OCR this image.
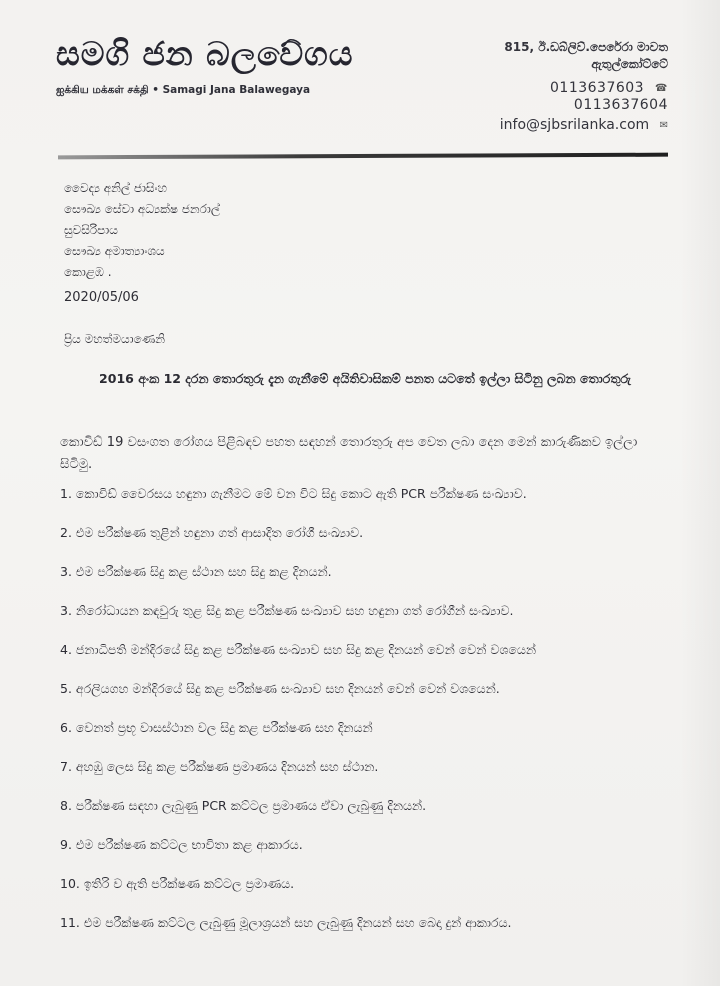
සමගි ජන බලවේගය
ஐக்கிய மக்கள் சக்தி • Samagi Jana Balawegaya
815, ඊ.ඩබ්ලිව්.පෙරේරා මාවත
ඇතුල්කෝට්ටේ
0113637603 ☎
0113637604
info@sjbsrilanka.com ✉
වෛද්‍ය අනිල් ජාසිංහ
සෞඛ්‍ය සේවා අධ්‍යක්ෂ ජනරාල්
සුවසිරිපාය
සෞඛ්‍ය අමාත්‍යාංශය
කොළඹ .
2020/05/06
ප්‍රිය මහත්මයාණෙනි
2016 අංක 12 දරන තොරතුරු දැන ගැනීමේ අයිතිවාසිකම් පනත යටතේ ඉල්ලා සිටිනු ලබන තොරතුරු
කොවිඩ් 19 වසංගත රෝගය පිළිබඳව පහත සඳහන් තොරතුරු අප වෙත ලබා දෙන මෙන් කාරුණිකව ඉල්ලා සිටිමු.
1. කොවිඩ් වෛරසය හඳුනා ගැනීමට මේ වන විට සිදු කොට ඇති PCR පරීක්ෂණ සංඛ්‍යාව.
2. එම පරීක්ෂණ තුළින් හඳුනා ගත් ආසාදිත රෝගී සංඛ්‍යාව.
3. එම පරීක්ෂණ සිදු කළ ස්ථාන සහ සිදු කළ දිනයන්.
3. නිරෝධායන කඳවුරු තුළ සිදු කළ පරීක්ෂණ සංඛ්‍යාව සහ හඳුනා ගත් රෝගීන් සංඛ්‍යාව.
4. ජනාධිපති මන්දිරයේ සිදු කළ පරීක්ෂණ සංඛ්‍යාව සහ සිදු කළ දිනයන් වෙන් වෙන් වශයෙන්
5. අරලියගහ මන්දිරයේ සිදු කළ පරීක්ෂණ සංඛ්‍යාව සහ දිනයන් වෙන් වෙන් වශයෙන්.
6. වෙනත් ප්‍රභූ වාසස්ථාන වල සිදු කළ පරීක්ෂණ සහ දිනයන්
7. අහඹු ලෙස සිදු කළ පරීක්ෂණ ප්‍රමාණය දිනයන් සහ ස්ථාන.
8. පරීක්ෂණ සඳහා ලැබුණු PCR කට්ටල ප්‍රමාණය ඒවා ලැබුණු දිනයන්.
9. එම පරීක්ෂණ කට්ටල භාවිතා කළ ආකාරය.
10. ඉතිරි ව ඇති පරීක්ෂණ කට්ටල ප්‍රමාණය.
11. එම පරීක්ෂණ කට්ටල ලැබුණු මූලාශ්‍රයන් සහ ලැබුණු දිනයන් සහ බෙදා දුන් ආකාරය.
